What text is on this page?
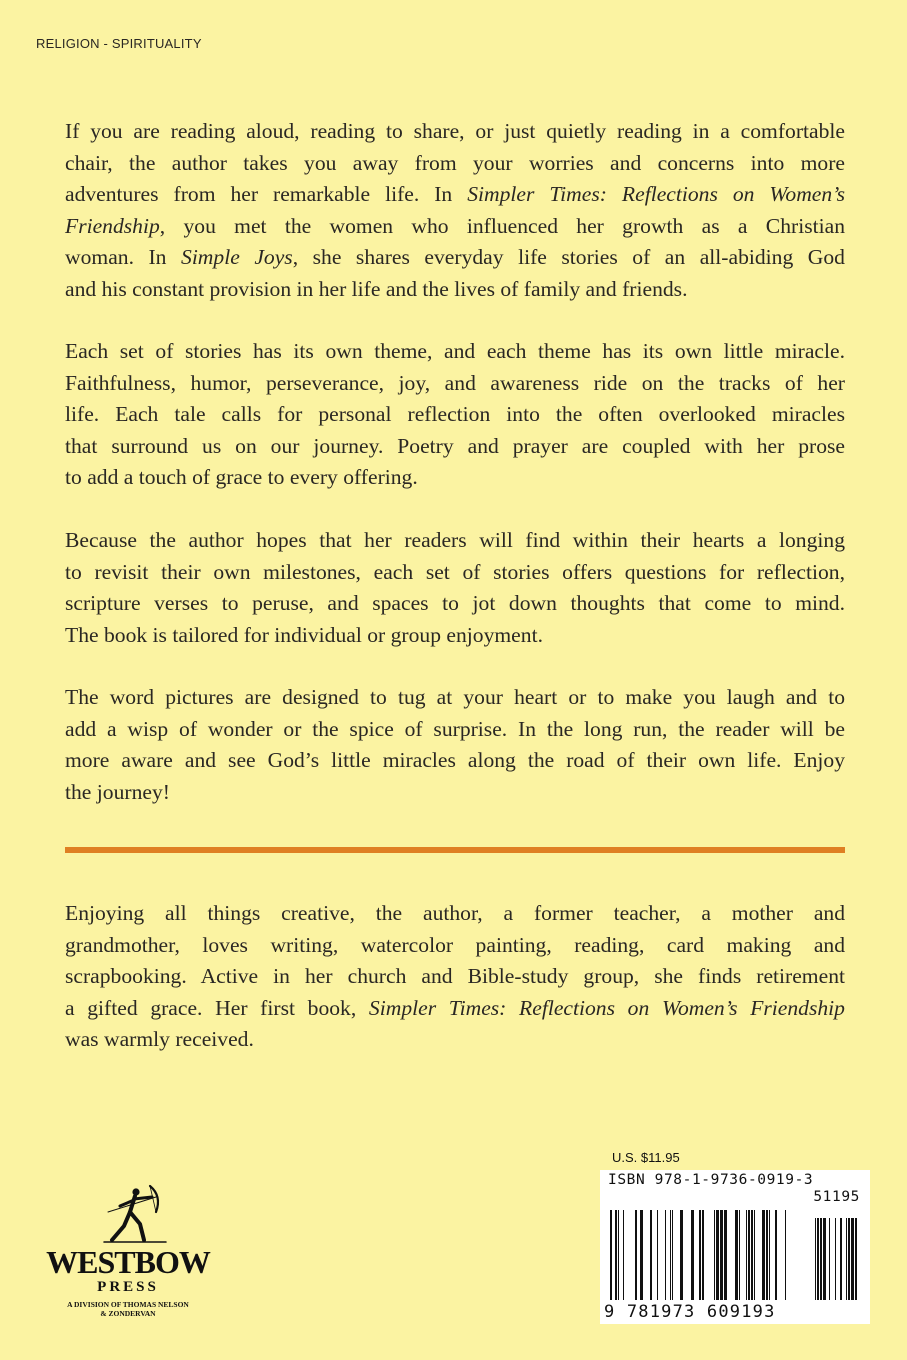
RELIGION - SPIRITUALITY
If you are reading aloud, reading to share, or just quietly reading in a comfortable
chair, the author takes you away from your worries and concerns into more
adventures from her remarkable life. In Simpler Times: Reflections on Women’s
Friendship, you met the women who influenced her growth as a Christian
woman. In Simple Joys, she shares everyday life stories of an all-abiding God
and his constant provision in her life and the lives of family and friends.
Each set of stories has its own theme, and each theme has its own little miracle.
Faithfulness, humor, perseverance, joy, and awareness ride on the tracks of her
life. Each tale calls for personal reflection into the often overlooked miracles
that surround us on our journey. Poetry and prayer are coupled with her prose
to add a touch of grace to every offering.
Because the author hopes that her readers will find within their hearts a longing
to revisit their own milestones, each set of stories offers questions for reflection,
scripture verses to peruse, and spaces to jot down thoughts that come to mind.
The book is tailored for individual or group enjoyment.
The word pictures are designed to tug at your heart or to make you laugh and to
add a wisp of wonder or the spice of surprise. In the long run, the reader will be
more aware and see God’s little miracles along the road of their own life. Enjoy
the journey!
Enjoying all things creative, the author, a former teacher, a mother and
grandmother, loves writing, watercolor painting, reading, card making and
scrapbooking. Active in her church and Bible-study group, she finds retirement
a gifted grace. Her first book, Simpler Times: Reflections on Women’s Friendship
was warmly received.
WESTBOW
PRESS
A DIVISION OF THOMAS NELSON
& ZONDERVAN
U.S. $11.95
ISBN 978-1-9736-0919-3
51195
9 781973 609193
